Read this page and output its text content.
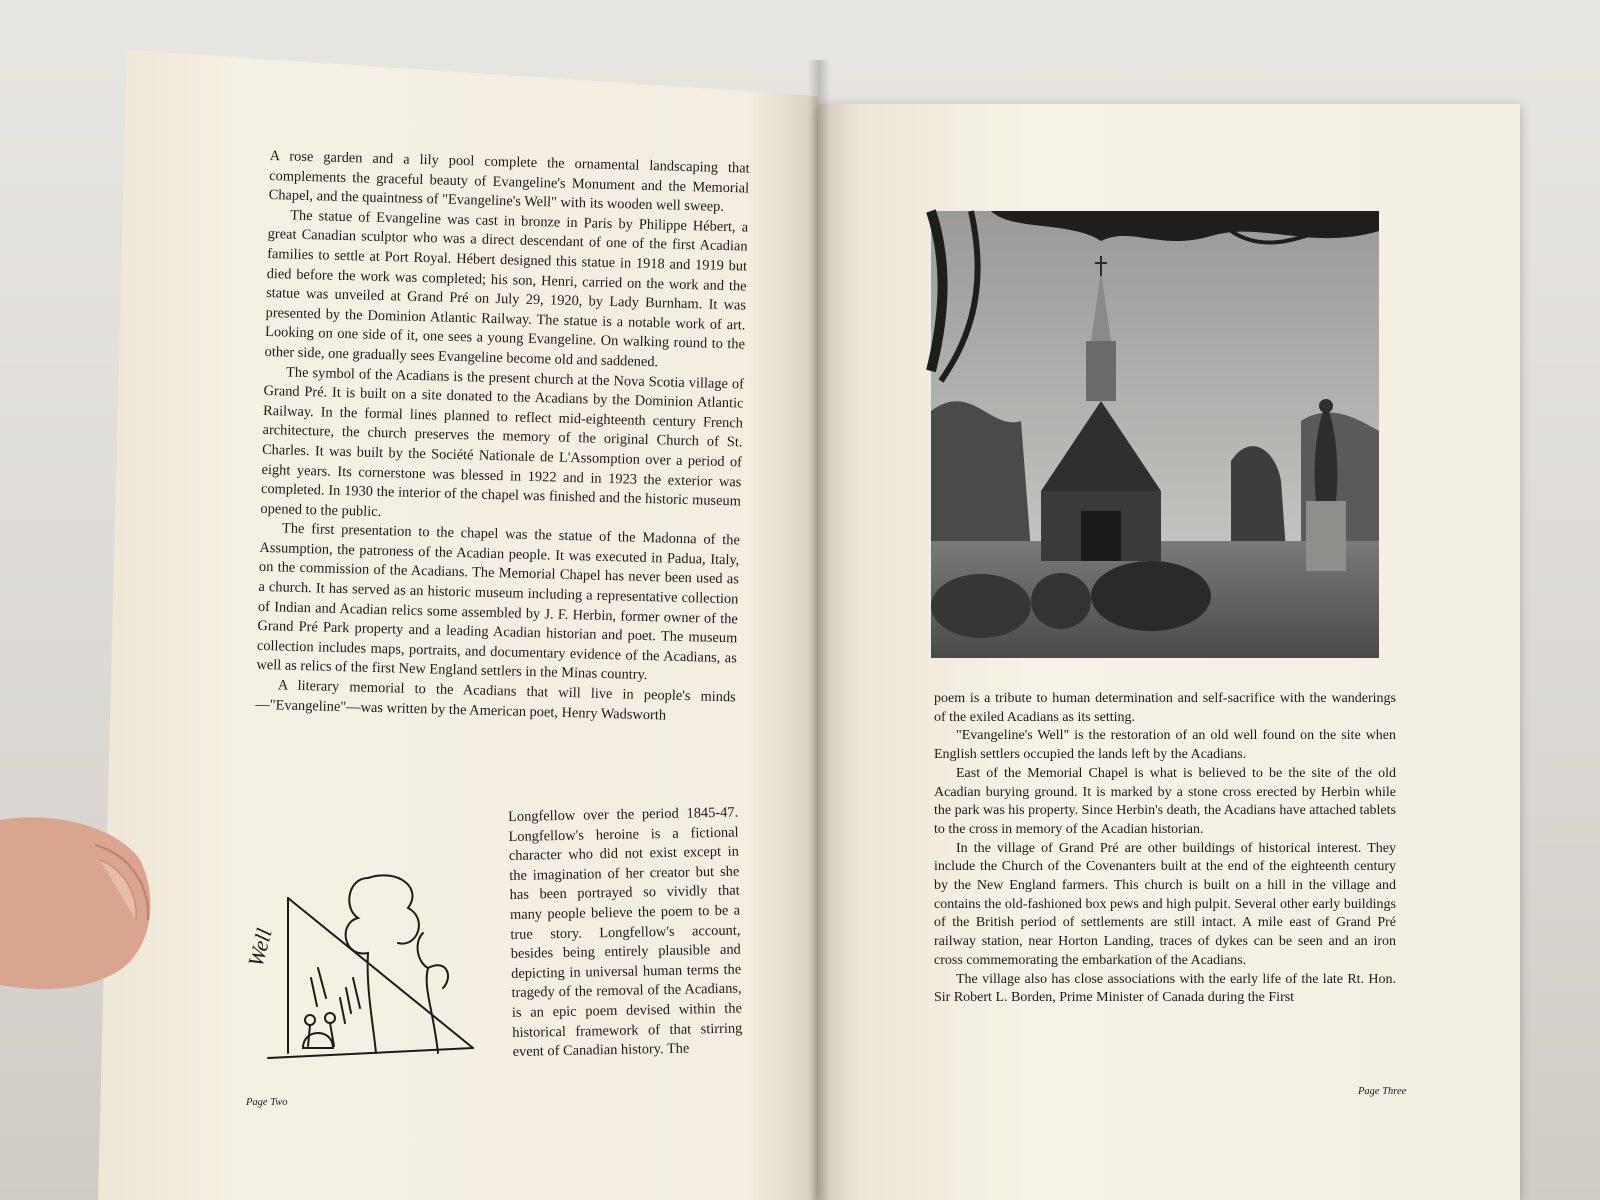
A rose garden and a lily pool complete the ornamental landscaping that complements the graceful beauty of Evangeline's Monument and the Memorial Chapel, and the quaintness of "Evangeline's Well" with its wooden well sweep.

The statue of Evangeline was cast in bronze in Paris by Philippe Hébert, a great Canadian sculptor who was a direct descendant of one of the first Acadian families to settle at Port Royal. Hébert designed this statue in 1918 and 1919 but died before the work was completed; his son, Henri, carried on the work and the statue was unveiled at Grand Pré on July 29, 1920, by Lady Burnham. It was presented by the Dominion Atlantic Railway. The statue is a notable work of art. Looking on one side of it, one sees a young Evangeline. On walking round to the other side, one gradually sees Evangeline become old and saddened.

The symbol of the Acadians is the present church at the Nova Scotia village of Grand Pré. It is built on a site donated to the Acadians by the Dominion Atlantic Railway. In the formal lines planned to reflect mid-eighteenth century French architecture, the church preserves the memory of the original Church of St. Charles. It was built by the Société Nationale de L'Assomption over a period of eight years. Its cornerstone was blessed in 1922 and in 1923 the exterior was completed. In 1930 the interior of the chapel was finished and the historic museum opened to the public.

The first presentation to the chapel was the statue of the Madonna of the Assumption, the patroness of the Acadian people. It was executed in Padua, Italy, on the commission of the Acadians. The Memorial Chapel has never been used as a church. It has served as an historic museum including a representative collection of Indian and Acadian relics some assembled by J. F. Herbin, former owner of the Grand Pré Park property and a leading Acadian historian and poet. The museum collection includes maps, portraits, and documentary evidence of the Acadians, as well as relics of the first New England settlers in the Minas country.

A literary memorial to the Acadians that will live in people's minds—"Evangeline"—was written by the American poet, Henry Wadsworth

Longfellow over the period 1845-47. Longfellow's heroine is a fictional character who did not exist except in the imagination of her creator but she has been portrayed so vividly that many people believe the poem to be a true story. Longfellow's account, besides being entirely plausible and depicting in universal human terms the tragedy of the removal of the Acadians, is an epic poem devised within the historical framework of that stirring event of Canadian history. The
Well
Page Two

poem is a tribute to human determination and self-sacrifice with the wanderings of the exiled Acadians as its setting.

"Evangeline's Well" is the restoration of an old well found on the site when English settlers occupied the lands left by the Acadians.

East of the Memorial Chapel is what is believed to be the site of the old Acadian burying ground. It is marked by a stone cross erected by Herbin while the park was his property. Since Herbin's death, the Acadians have attached tablets to the cross in memory of the Acadian historian.

In the village of Grand Pré are other buildings of historical interest. They include the Church of the Covenanters built at the end of the eighteenth century by the New England farmers. This church is built on a hill in the village and contains the old-fashioned box pews and high pulpit. Several other early buildings of the British period of settlements are still intact. A mile east of Grand Pré railway station, near Horton Landing, traces of dykes can be seen and an iron cross commemorating the embarkation of the Acadians.

The village also has close associations with the early life of the late Rt. Hon. Sir Robert L. Borden, Prime Minister of Canada during the First

Page Three
